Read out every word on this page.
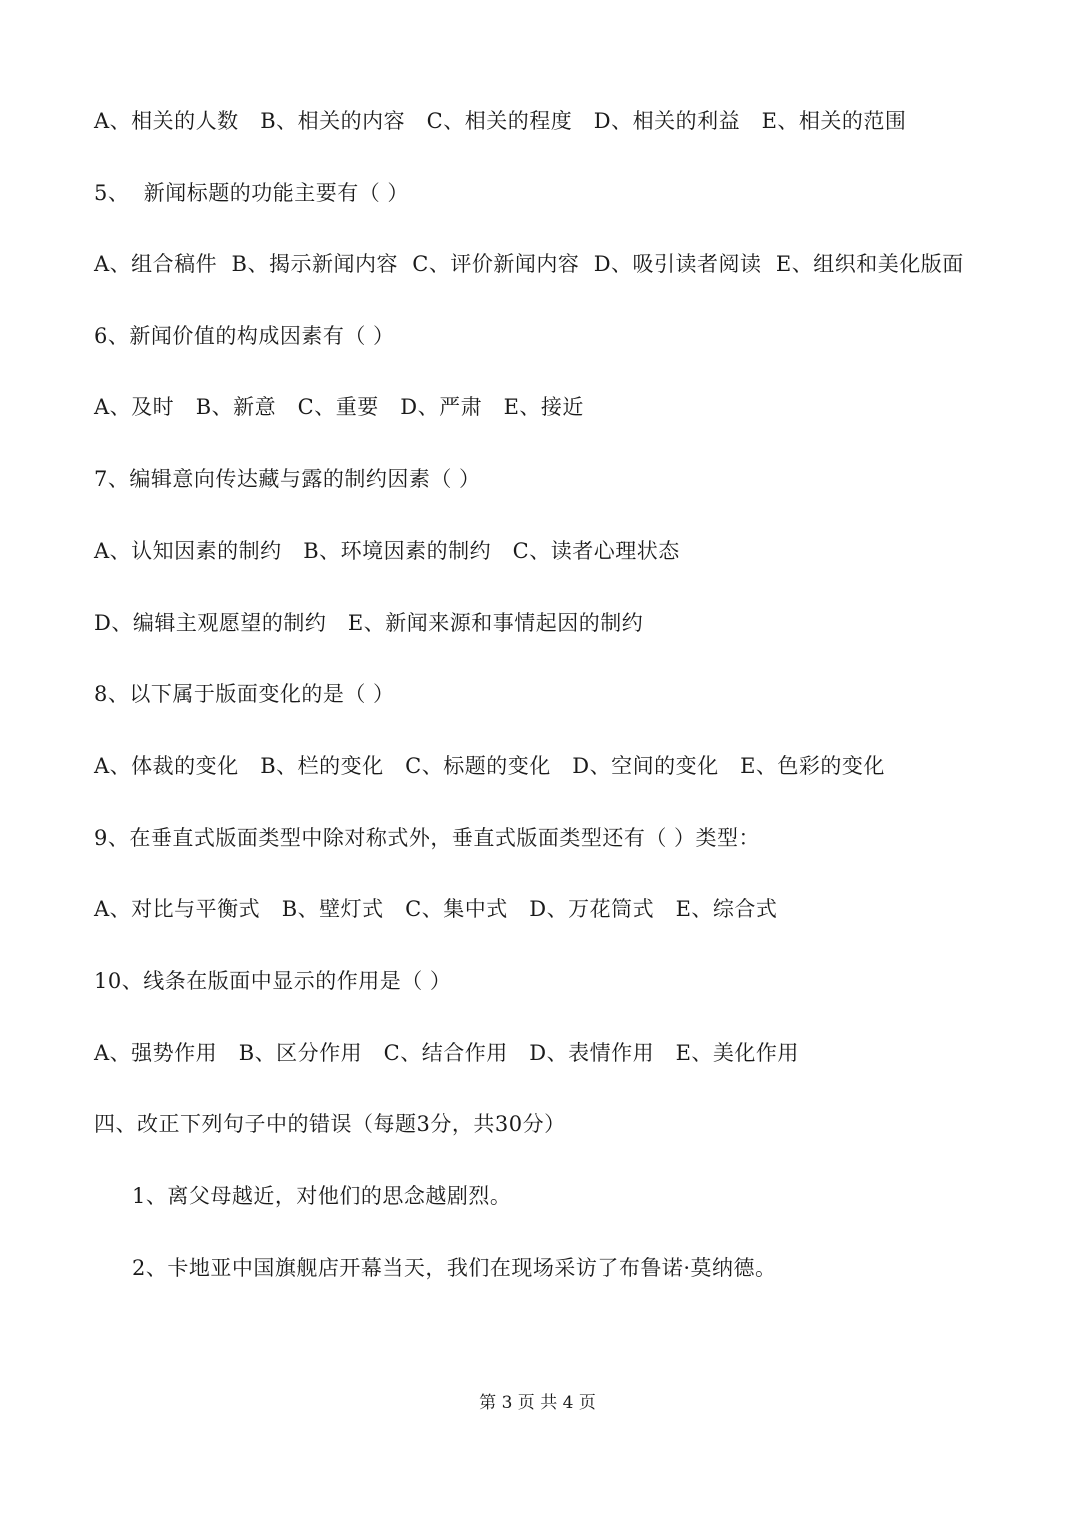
A、相关的人数   B、相关的内容   C、相关的程度   D、相关的利益   E、相关的范围
5、  新闻标题的功能主要有（ ）
A、组合稿件  B、揭示新闻内容  C、评价新闻内容  D、吸引读者阅读  E、组织和美化版面
6、新闻价值的构成因素有（ ）
A、及时   B、新意   C、重要   D、严肃   E、接近
7、编辑意向传达藏与露的制约因素（ ）
A、认知因素的制约   B、环境因素的制约   C、读者心理状态
D、编辑主观愿望的制约   E、新闻来源和事情起因的制约
8、以下属于版面变化的是（ ）
A、体裁的变化   B、栏的变化   C、标题的变化   D、空间的变化   E、色彩的变化
9、在垂直式版面类型中除对称式外，垂直式版面类型还有（ ）类型：
A、对比与平衡式   B、壁灯式   C、集中式   D、万花筒式   E、综合式
10、线条在版面中显示的作用是（ ）
A、强势作用   B、区分作用   C、结合作用   D、表情作用   E、美化作用
四、改正下列句子中的错误（每题3分，共30分）
1、离父母越近，对他们的思念越剧烈。
2、卡地亚中国旗舰店开幕当天，我们在现场采访了布鲁诺·莫纳德。
第 3 页 共 4 页
